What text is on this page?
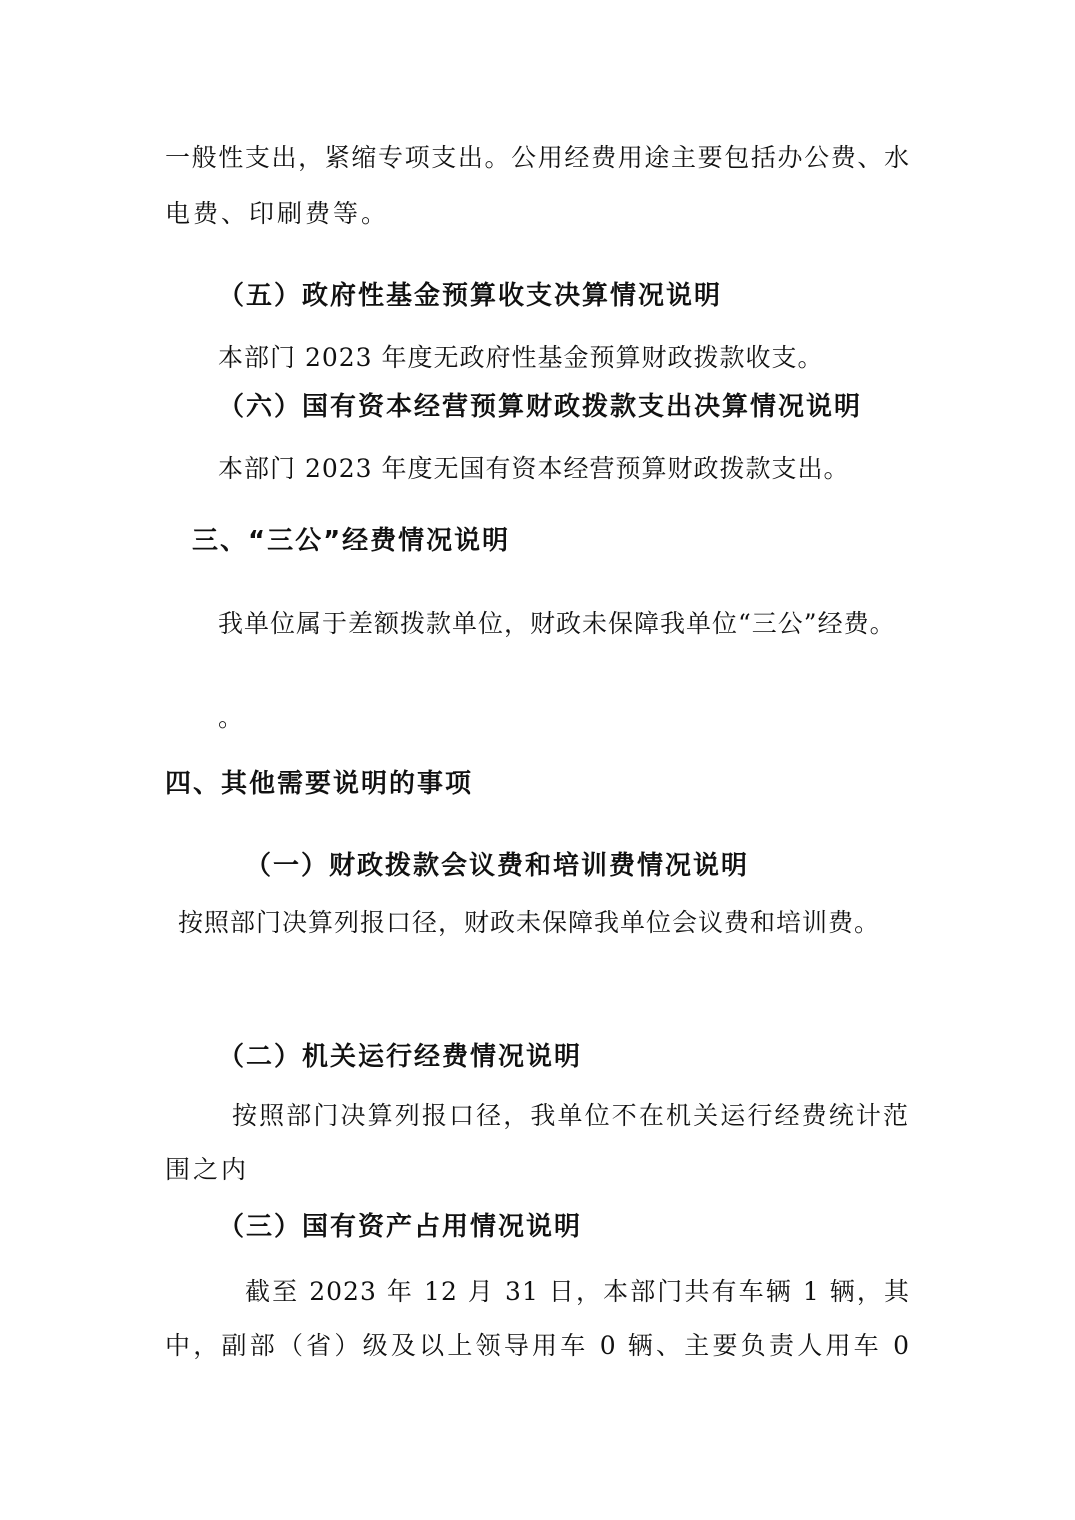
一般性支出，紧缩专项支出。公用经费用途主要包括办公费、水
电费、印刷费等。
（五）政府性基金预算收支决算情况说明
本部门 2023 年度无政府性基金预算财政拨款收支。
（六）国有资本经营预算财政拨款支出决算情况说明
本部门 2023 年度无国有资本经营预算财政拨款支出。
三、“三公”经费情况说明
我单位属于差额拨款单位，财政未保障我单位“三公”经费。
。
四、其他需要说明的事项
（一）财政拨款会议费和培训费情况说明
按照部门决算列报口径，财政未保障我单位会议费和培训费。
（二）机关运行经费情况说明
按照部门决算列报口径，我单位不在机关运行经费统计范
围之内
（三）国有资产占用情况说明
截至 2023 年 12 月 31 日，本部门共有车辆 1 辆，其
中，副部（省）级及以上领导用车 0 辆、主要负责人用车 0
